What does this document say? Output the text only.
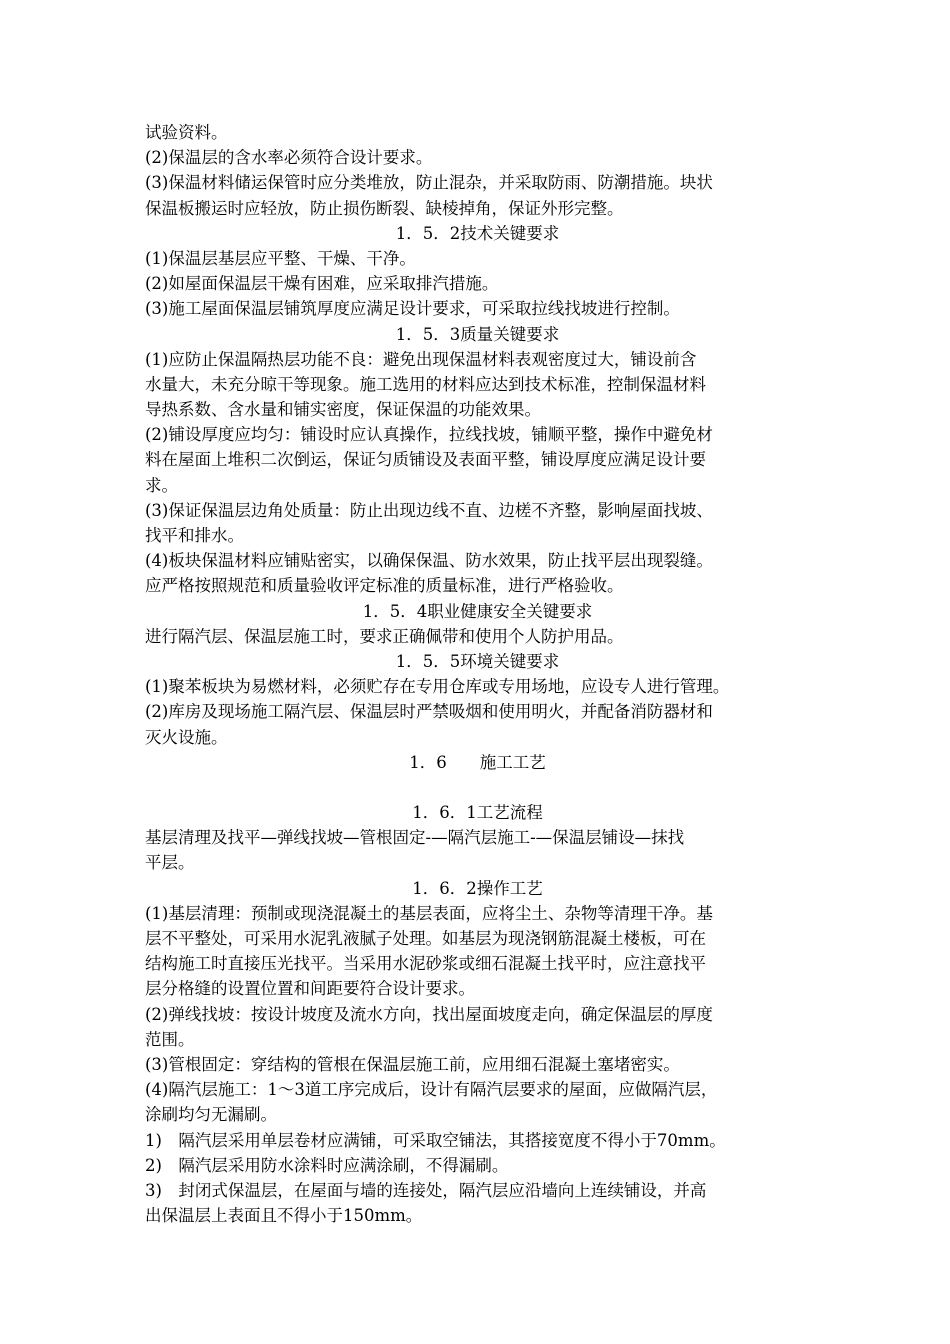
试验资料。

(2)保温层的含水率必须符合设计要求。

(3)保温材料储运保管时应分类堆放，防止混杂，并采取防雨、防潮措施。块状

保温板搬运时应轻放，防止损伤断裂、缺棱掉角，保证外形完整。

1．5．2技术关键要求

(1)保温层基层应平整、干燥、干净。

(2)如屋面保温层干燥有困难，应采取排汽措施。

(3)施工屋面保温层铺筑厚度应满足设计要求，可采取拉线找坡进行控制。

1．5．3质量关键要求

(1)应防止保温隔热层功能不良：避免出现保温材料表观密度过大，铺设前含

水量大，未充分晾干等现象。施工选用的材料应达到技术标准，控制保温材料

导热系数、含水量和铺实密度，保证保温的功能效果。

(2)铺设厚度应均匀：铺设时应认真操作，拉线找坡，铺顺平整，操作中避免材

料在屋面上堆积二次倒运，保证匀质铺设及表面平整，铺设厚度应满足设计要

求。

(3)保证保温层边角处质量：防止出现边线不直、边槎不齐整，影响屋面找坡、

找平和排水。

(4)板块保温材料应铺贴密实，以确保保温、防水效果，防止找平层出现裂缝。

应严格按照规范和质量验收评定标准的质量标准，进行严格验收。

1．5．4职业健康安全关键要求

进行隔汽层、保温层施工时，要求正确佩带和使用个人防护用品。

1．5．5环境关键要求

(1)聚苯板块为易燃材料，必须贮存在专用仓库或专用场地，应设专人进行管理。

(2)库房及现场施工隔汽层、保温层时严禁吸烟和使用明火，并配备消防器材和

灭火设施。

1．6　　施工工艺

1．6．1工艺流程

基层清理及找平—弹线找坡—管根固定-—隔汽层施工-—保温层铺设—抹找

平层。

1．6．2操作工艺

(1)基层清理：预制或现浇混凝土的基层表面，应将尘土、杂物等清理干净。基

层不平整处，可采用水泥乳液腻子处理。如基层为现浇钢筋混凝土楼板，可在

结构施工时直接压光找平。当采用水泥砂浆或细石混凝土找平时，应注意找平

层分格缝的设置位置和间距要符合设计要求。

(2)弹线找坡：按设计坡度及流水方向，找出屋面坡度走向，确定保温层的厚度

范围。

(3)管根固定：穿结构的管根在保温层施工前，应用细石混凝土塞堵密实。

(4)隔汽层施工：1～3道工序完成后，设计有隔汽层要求的屋面，应做隔汽层，

涂刷均匀无漏刷。

1)　隔汽层采用单层卷材应满铺，可采取空铺法，其搭接宽度不得小于70mm。

2)　隔汽层采用防水涂料时应满涂刷，不得漏刷。

3)　封闭式保温层，在屋面与墙的连接处，隔汽层应沿墙向上连续铺设，并高

出保温层上表面且不得小于150mm。
